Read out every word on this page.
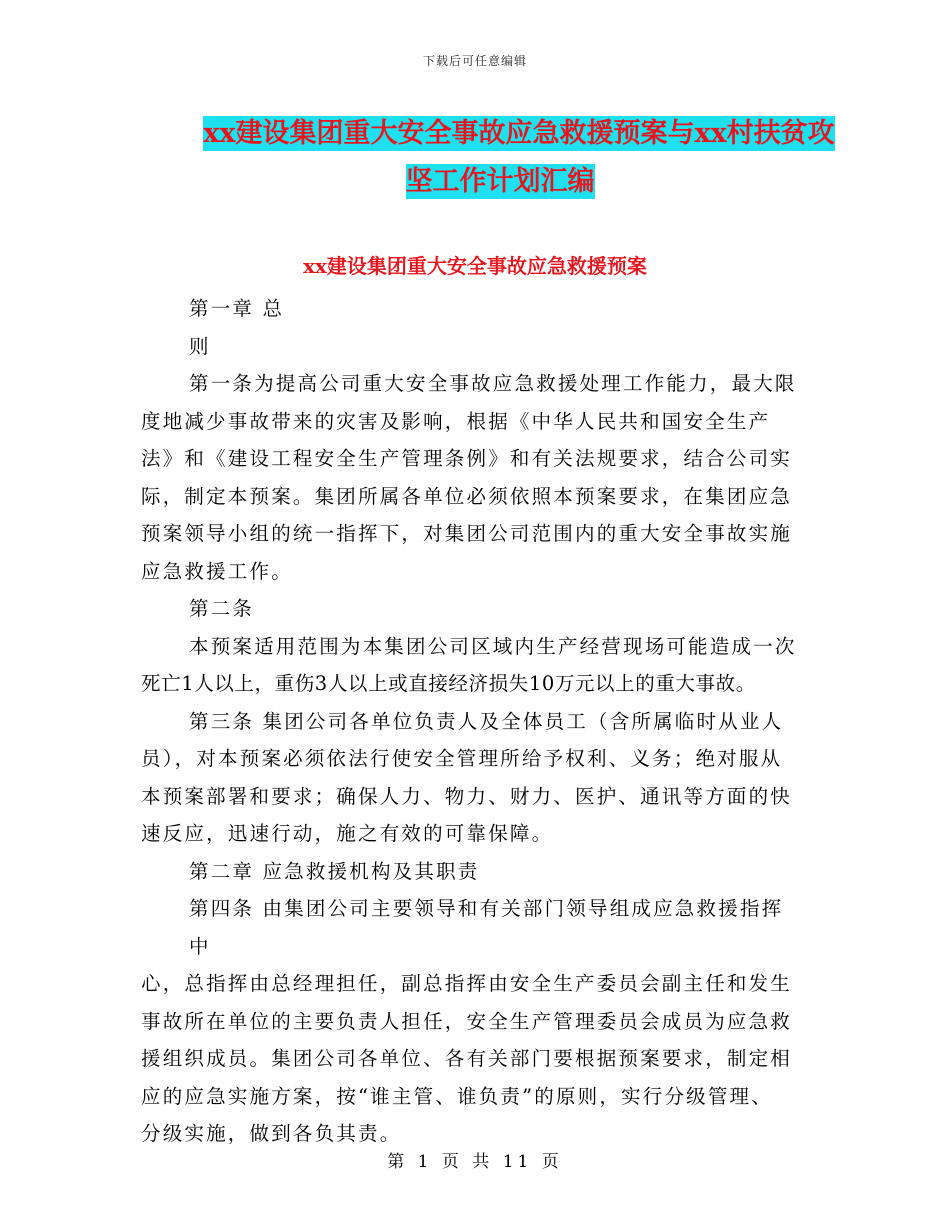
下载后可任意编辑
xx建设集团重大安全事故应急救援预案与xx村扶贫攻
坚工作计划汇编
xx建设集团重大安全事故应急救援预案

第一章 总

则

第一条为提高公司重大安全事故应急救援处理工作能力，最大限

度地减少事故带来的灾害及影响，根据《中华人民共和国安全生产

法》和《建设工程安全生产管理条例》和有关法规要求，结合公司实

际，制定本预案。集团所属各单位必须依照本预案要求，在集团应急

预案领导小组的统一指挥下，对集团公司范围内的重大安全事故实施

应急救援工作。

第二条

本预案适用范围为本集团公司区域内生产经营现场可能造成一次

死亡1人以上，重伤3人以上或直接经济损失10万元以上的重大事故。

第三条 集团公司各单位负责人及全体员工（含所属临时从业人

员），对本预案必须依法行使安全管理所给予权利、义务；绝对服从

本预案部署和要求；确保人力、物力、财力、医护、通讯等方面的快

速反应，迅速行动，施之有效的可靠保障。

第二章 应急救援机构及其职责

第四条 由集团公司主要领导和有关部门领导组成应急救援指挥中

心，总指挥由总经理担任，副总指挥由安全生产委员会副主任和发生

事故所在单位的主要负责人担任，安全生产管理委员会成员为应急救

援组织成员。集团公司各单位、各有关部门要根据预案要求，制定相

应的应急实施方案，按“谁主管、谁负责”的原则，实行分级管理、

分级实施，做到各负其责。

第 1 页 共 11 页
